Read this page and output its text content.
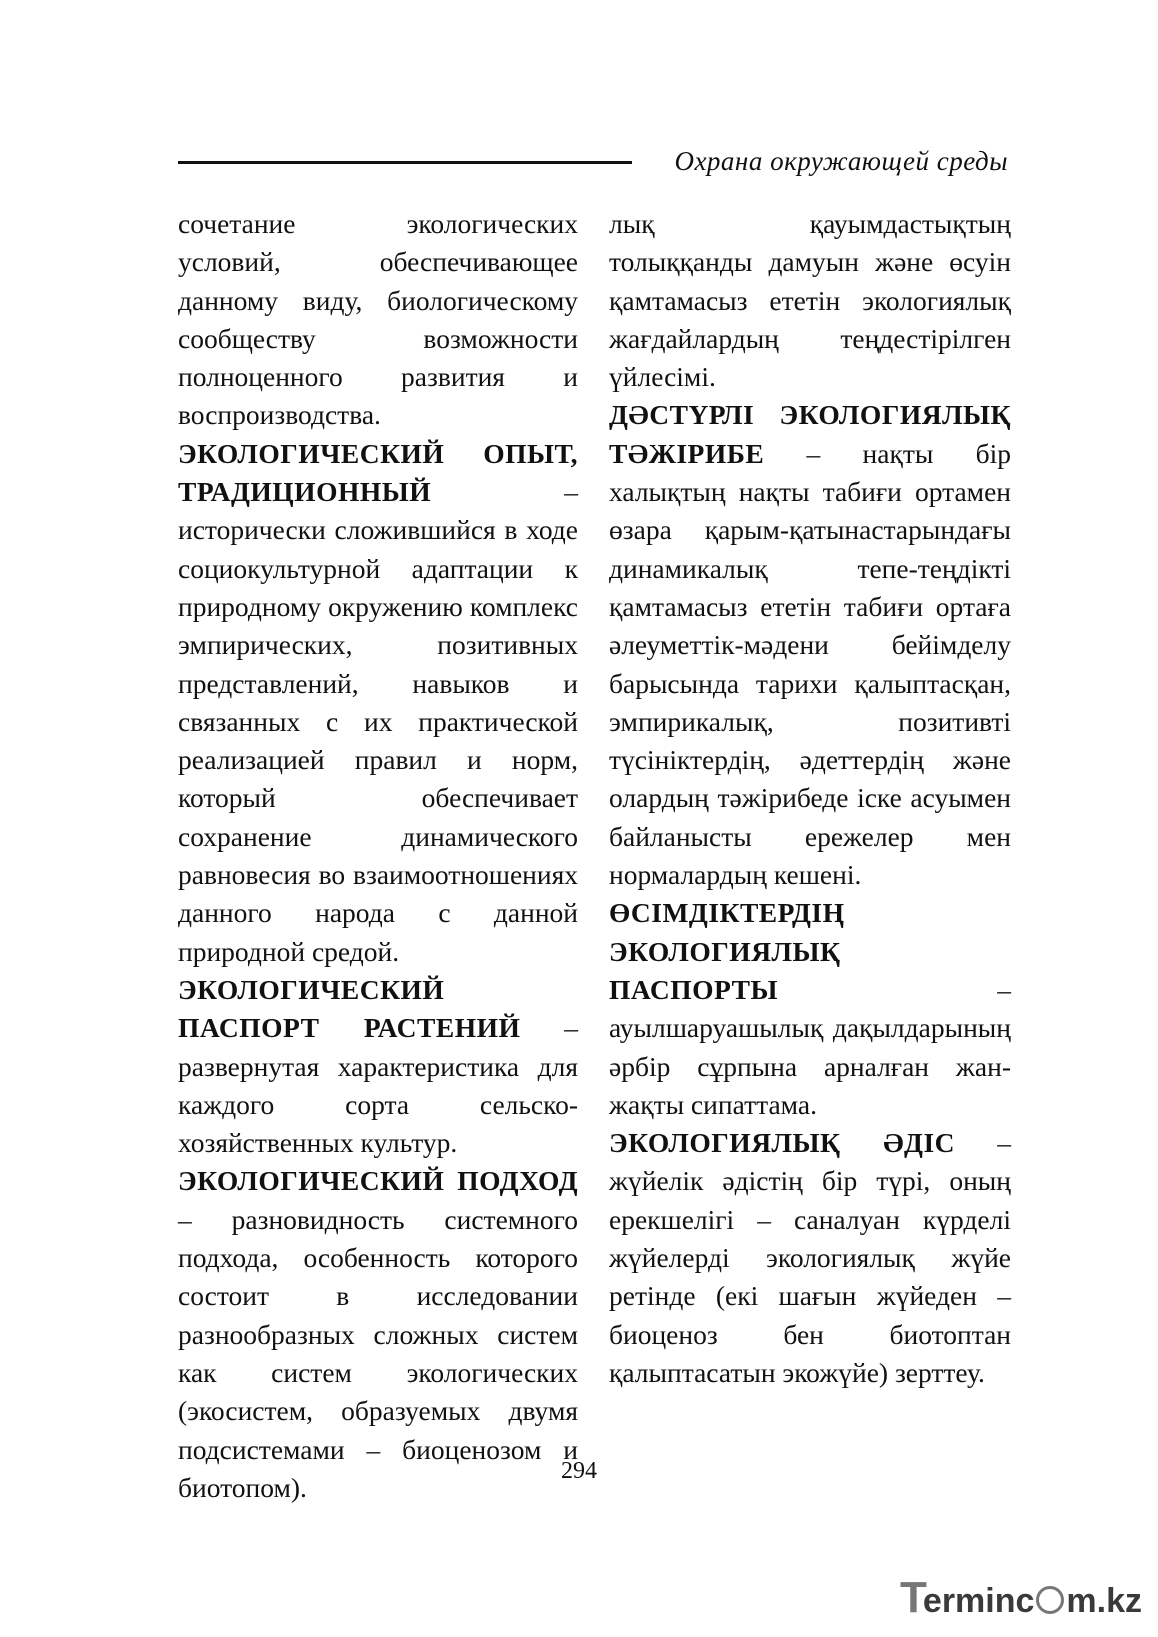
Охрана окружающей среды

сочетание экологических условий, обеспечивающее данному виду, биологическому сообществу возможности полноценного развития и воспроизводства.

ЭКОЛОГИЧЕСКИЙ ОПЫТ, ТРАДИЦИОННЫЙ – исторически сложившийся в ходе социокультурной адаптации к природному окружению комплекс эмпирических, позитивных представлений, навыков и связанных с их практической реализацией правил и норм, который обеспечивает сохранение динамического равновесия во взаимоотношениях данного народа с данной природной средой.

ЭКОЛОГИЧЕСКИЙ ПАСПОРТ РАСТЕНИЙ – развернутая характеристика для каждого сорта сельско-хозяйственных культур.

ЭКОЛОГИЧЕСКИЙ ПОДХОД – разновидность системного подхода, особенность которого состоит в исследовании разнообразных сложных систем как систем экологических (экосистем, образуемых двумя подсистемами – биоценозом и биотопом).

лық қауымдастықтың толыққанды дамуын және өсуін қамтамасыз ететін экологиялық жағдайлардың теңдестірілген үйлесімі.

ДӘСТҮРЛІ ЭКОЛОГИЯЛЫҚ ТӘЖІРИБЕ – нақты бір халықтың нақты табиғи ортамен өзара қарым-қатынастарындағы динамикалық тепе-теңдікті қамтамасыз ететін табиғи ортаға әлеуметтік-мәдени бейімделу барысында тарихи қалыптасқан, эмпирикалық, позитивті түсініктердің, әдеттердің және олардың тәжірибеде іске асуымен байланысты ережелер мен нормалардың кешені.

ӨСІМДІКТЕРДІҢ ЭКОЛОГИЯЛЫҚ ПАСПОРТЫ – ауылшаруашылық дақылдарының әрбір сұрпына арналған жан-жақты сипаттама.

ЭКОЛОГИЯЛЫҚ ӘДІС – жүйелік әдістің бір түрі, оның ерекшелігі – саналуан күрделі жүйелерді экологиялық жүйе ретінде (екі шағын жүйеден – биоценоз бен биотоптан қалыптасатын экожүйе) зерттеу.

294
T
erminc m.kz
